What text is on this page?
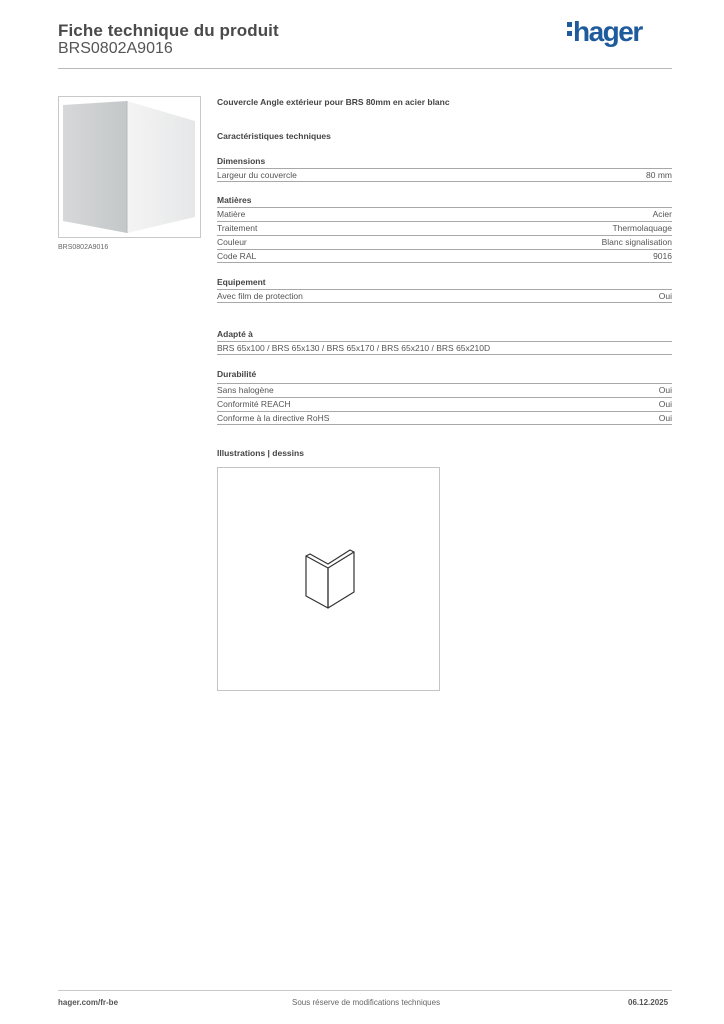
Fiche technique du produit
BRS0802A9016
hager
BRS0802A9016
Couvercle Angle extérieur pour BRS 80mm en acier blanc
Caractéristiques techniques
Dimensions
Largeur du couvercle	80 mm
Matières
Matière	Acier
Traitement	Thermolaquage
Couleur	Blanc signalisation
Code RAL	9016
Equipement
Avec film de protection	Oui
Adapté à
BRS 65x100 / BRS 65x130 / BRS 65x170 / BRS 65x210 / BRS 65x210D
Durabilité
Sans halogène	Oui
Conformité REACH	Oui
Conforme à la directive RoHS	Oui
Illustrations | dessins
hager.com/fr-be	Sous réserve de modifications techniques	06.12.2025
